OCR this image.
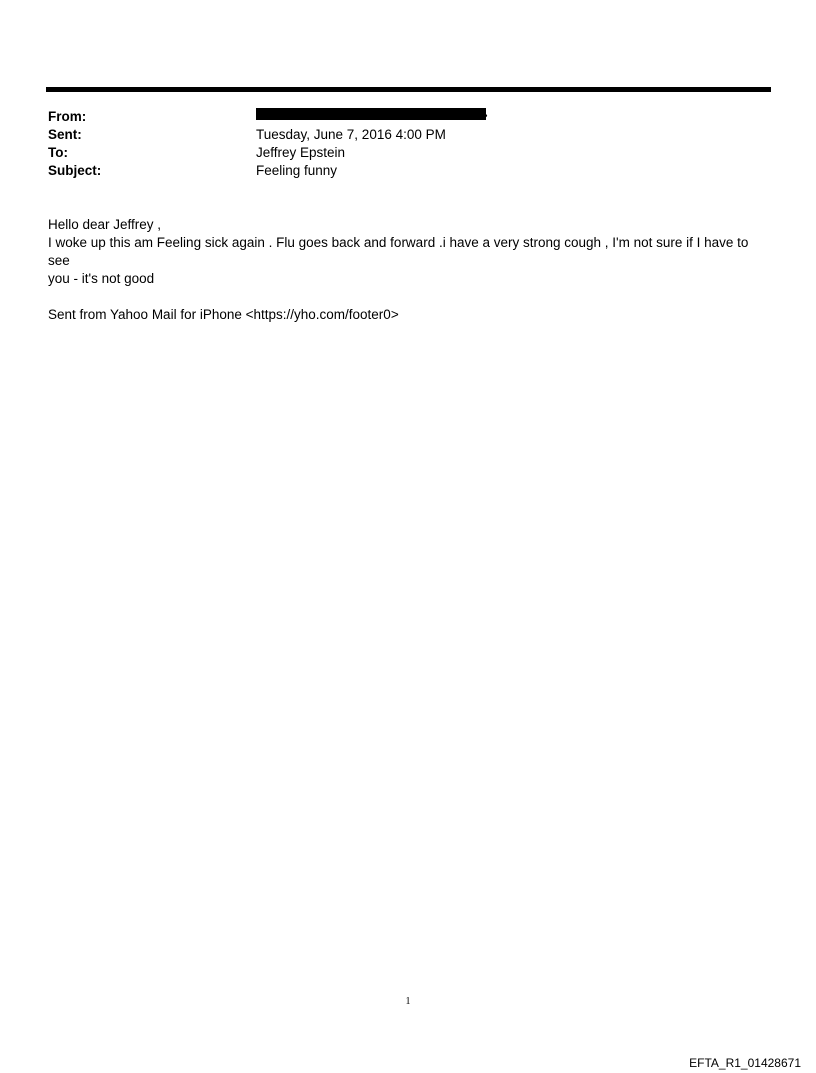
From:	•
Sent:	Tuesday, June 7, 2016 4:00 PM
To:	Jeffrey Epstein
Subject:	Feeling funny

Hello dear Jeffrey ,

I woke up this am Feeling sick again . Flu goes back and forward .i have a very strong cough , I'm not sure if I have to see

you - it's not good

Sent from Yahoo Mail for iPhone <https://yho.com/footer0>

1
EFTA_R1_01428671
